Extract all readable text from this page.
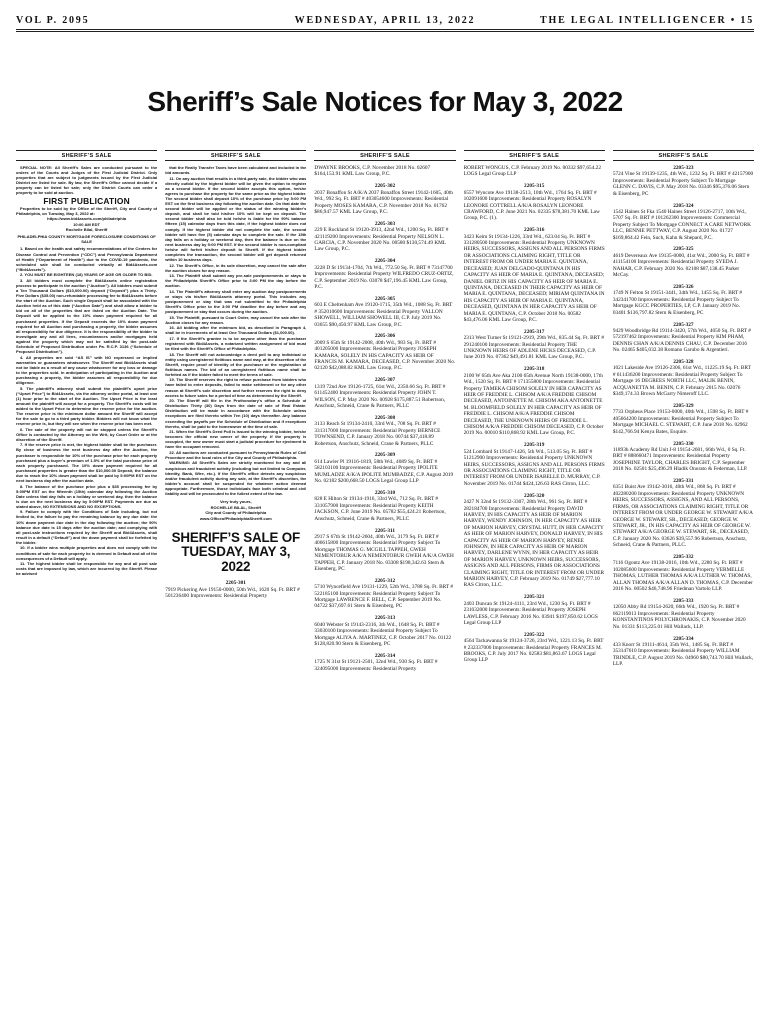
VOL P. 2095	WEDNESDAY, APRIL 13, 2022	THE LEGAL INTELLIGENCER • 15
Sheriff’s Sale Notices for May 3, 2022
SHERIFF’S SALE

SPECIAL NOTE: All Sheriff’s Sales are conducted pursuant to the orders of the Courts and Judges of the First Judicial District. Only properties that are subject to judgments issued by the First Judicial District are listed for sale. By law, the Sheriff’s Office cannot decide if a property can be listed for sale; only the District Courts can order a property to be sold at auction.

FIRST PUBLICATION

Properties to be sold by the Office of the Sheriff, City and County of Philadelphia, on Tuesday, May 3, 2022 at:

https://www.bid4assets.com/philadelphia

10:00 AM EDT

Rochelle Bilal, Sheriff

PHILADELPHIA COUNTY MORTGAGE FORECLOSURE CONDITIONS OF SALE

1. Based on the health and safety recommendations of the Centers for Disease Control and Prevention (“CDC”) and Pennsylvania Department of Health (“Department of Health”) due to the COVID-19 pandemic, the scheduled sale shall be conducted virtually at Bid4Assets.com (“Bid4Assets”).

2. YOU MUST BE EIGHTEEN (18) YEARS OF AGE OR OLDER TO BID.

3. All bidders must complete the Bid4Assets online registration process to participate in the auction (“Auction”). All bidders must submit a Ten Thousand Dollars ($10,000.00) deposit (“Deposit”) plus a Thirty-Five Dollars ($35.00) non-refundable processing fee to Bid4Assets before the start of the Auction. Such single Deposit shall be associated with the Auction held as of this date (“Auction Date”) and shall allow a bidder to bid on all of the properties that are listed on the Auction Date. The Deposit will be applied to the 10% down payment required for all purchased properties. If the Deposit exceeds the 10% down payment required for all Auction and purchasing a property, the bidder assumes all responsibility for due diligence. It is the responsibility of the bidder to investigate any and all liens, encumbrances and/or mortgages held against the property which may not be satisfied by the post-sale Schedule of Proposed Distribution under Pa. R.C.P. 3136 (“Schedule of Proposed Distribution”).

4. All properties are sold “AS IS” with NO expressed or implied warranties or guarantees whatsoever. The Sheriff and Bid4Assets shall not be liable as a result of any cause whatsoever for any loss or damage to the properties sold. In anticipation of participating in the Auction and purchasing a property, the bidder assumes all responsibility for due diligence.

5. The plaintiff’s attorney shall submit the plaintiff’s upset price (“Upset Price”) to Bid4Assets, via the attorney online portal, at least one (1) hour prior to the start of the Auction. The Upset Price is the least amount the plaintiff will accept for a property. The Sheriff’s costs will be added to the Upset Price to determine the reserve price for the auction. The reserve price is the minimum dollar amount the Sheriff will accept for the sale to go to a third party bidder. Bidders will not know what the reserve price is, but they will see when the reserve price has been met.

6. The sale of the property will not be stopped unless the Sheriff’s Office is contacted by the Attorney on the Writ, by Court Order or at the discretion of the Sheriff.

7. If the reserve price is met, the highest bidder shall be the purchaser. By close of business the next business day after the Auction, the purchaser is responsible for 10% of the purchase price for each property purchased plus a buyer’s premium of 1.5% of the total purchase price of each property purchased. The 10% down payment required for all purchased properties is greater than the $10,000.00 Deposit, the balance due to reach the 10% down payment shall be paid by 5:00PM EST on the next business day after the auction date.

8. The balance of the purchase price plus a $35 processing fee by 5:00PM EST on the fifteenth (15th) calendar day following the Auction Date unless that day falls on a holiday or weekend day, then the balance is due on the next business day by 5:00PM EST. Payments are due as stated above, NO EXTENSIONS AND NO EXCEPTIONS.

9. Failure to comply with the Conditions of Sale including, but not limited to, the failure to pay the remaining balance by any due date: the 10% down payment due date in the day following the auction; the 90% balance due date is 15 days after the auction date; and complying with all post-sale instructions required by the Sheriff and Bid4Assets, shall result in a default (“Default”) and the down payment shall be forfeited by the bidder.

10. If a bidder wins multiple properties and does not comply with the conditions of sale for each property he is deemed in Default and all of the consequences of a Default will apply.

11. The highest bidder shall be responsible for any and all post sale costs that are imposed by law, which are incurred by the Sheriff. Please be advised

SHERIFF’S SALE

that the Realty Transfer Taxes have been calculated and included in the bid amounts.

11. On any auction that results in a third-party sale, the bidder who was directly outbid by the highest bidder will be given the option to register as a second bidder. If the second bidder accepts this option, he/she agrees to purchase the property for the same price as the highest bidder. The second bidder shall deposit 10% of the purchase price by 5:00 PM EST on the first business day following the auction date. On that date the second bidder will be applied or the status of the winning bidder’s deposit, and shall be told his/her 10% will be kept on deposit. The second bidder shall also be told he/she is liable for the 90% balance fifteen (15) calendar days from this date, if the highest bidder does not comply. If the highest bidder did not complete the sale, the second bidder will have five (5) calendar days to complete the sale. If the 15th day falls on a holiday or weekend day, then the balance is due on the next business day by 5:00 PM EST. If the second bidder is non-compliant he/she will forfeit his/her deposit to Sheriff. If the highest bidder completes the transaction, the second bidder will get deposit returned within 10 business days.

12. The Sheriff’s Office, in its sole discretion, may cancel the sale after the auction closes for any reason.

13. The Plaintiff shall submit any pre-sale postponements or stays to the Philadelphia Sheriff’s Office prior to 3:00 PM the day before the auction.

14. The Plaintiff’s attorney shall enter any auction day postponements or stays via his/her Bid4Assets attorney portal. This includes any postponement or stay that was not submitted to the Philadelphia Sheriff’s Office prior to the 3:00 PM deadline the day before and any postponement or stay that occurs during the auction.

15. The Plaintiff, pursuant to Court Order, may cancel the sale after the Auction closes for any reason.

16. All bidding after the minimum bid, as described in Paragraph 4, shall be in increments of at least One Thousand Dollars ($1,000.00).

17. If the Sheriff’s grantee is to be anyone other than the purchaser registered with Bid4Assets, a notarized written assignment of bid must be filed with the Sheriff’s Office of Philadelphia.

18. The Sheriff will not acknowledge a deed poll to any individual or entity using unregistered fictitious name and may, at the discretion of the Sheriff, require proof of identity of the purchaser or the registration of fictitious names. The bid of an unregistered fictitious name shall be forfeited as if the bidder failed to meet the terms of sale.

19. The Sheriff reserves the right to refuse purchase from bidders who have failed to enter deposits, failed to make settlement or for any other reason at Sheriff’s sole discretion and further reserves the right to deny access to future sales for a period of time as determined by the Sheriff.

20. The Sheriff will file in the Prothonotary’s office a Schedule of Distribution Thirty (30) Days from the date of sale of Real Estate. Distribution will be made in accordance with the Schedule unless exceptions are filed thereto within Ten (10) days thereafter. Any balance exceeding the payoffs per the Schedule of Distribution and if exceptions thereto, shall be paid to the homeowner at the time of sale.

21. When the Sheriff’s Deed Poll is issued to the winning bidder, he/she becomes the official new owner of the property. If the property is occupied, the new owner must start a judicial procedure for ejectment to have the occupant removed.

22. All auctions are conducted pursuant to Pennsylvania Rules of Civil Procedure and the local rules of the City and County of Philadelphia.

WARNING: All Sheriff’s Sales are strictly monitored for any and all suspicious and fraudulent activity (including but not limited to Computer, Identity, Bank, Wire, etc.). If the Sheriff’s office detects any suspicious and/or fraudulent activity during any sale, at the Sheriff’s discretion, the bidder’s account shall be suspended for whatever action deemed appropriate. Furthermore, those individuals face both criminal and civil liability and will be prosecuted to the fullest extent of the law.

Very truly yours,

ROCHELLE BILAL, Sheriff

City and County of Philadelphia

www.OfficeofPhiladelphiaSheriff.com

SHERIFF’S SALE OF TUESDAY, MAY 3, 2022
2205-301
7919 Pickering Ave 19150-0000, 50th Wd., 1620 Sq. Ft. BRT # 501236400 Improvements: Residential Property
SHERIFF’S SALE
DWAYNE BROOKS, C.P. November 2018 No. 02607 $164,153.91 KML Law Group, P.C.
2205-302
2037 Bonaffon St A/K/A 2037 Bonaffon Street 19142-1605, 40th Wd., 992 Sq. Ft. BRT # 403054600 Improvements: Residential Property MOSES KAMARA, C.P. November 2018 No. 01762 $86,947.57 KML Law Group, P.C.
2205-303
229 E Rockland St 19120-3913, 42nd Wd., 1200 Sq. Ft. BRT # 421119200 Improvements: Residential Property NELSON L. GARCIA, C.P. November 2020 No. 00580 $130,574.49 KML Law Group, P.C.
2205-304
3228 D St 19134-1704, 7th Wd., 772.50 Sq. Ft. BRT # 73147700 Improvements: Residential Property WILFREDO CRUZ-ORTIZ, C.P. September 2019 No. 03078 $47,196.45 KML Law Group, P.C.
2205-305
603 E Cheltenham Ave 19120-1715, 35th Wd., 1088 Sq. Ft. BRT # 352010600 Improvements: Residential Property VALLON SHOWELL, WILLIAM SHOWELL III, C.P. July 2019 No. 03655 $90,450.97 KML Law Group, P.C.
2205-306
2009 S 65th St 19142-2008, 40th Wd., 983 Sq. Ft. BRT # 401205000 Improvements: Residential Property JOSEPH KAMARA, SOLELY IN HIS CAPACITY AS HEIR OF FRANCIS M. KAMARA, DECEASED, C.P. November 2020 No. 02120 $42,088.82 KML Law Group, P.C.
2205-307
1319 72nd Ave 19126-1725, 61st Wd., 2350.66 Sq. Ft. BRT # 611452400 Improvements: Residential Property JOHN T. WILSON, C.P. May 2020 No. 00928 $175,887.51 Robertson, Anschutz, Schneid, Crane & Partners, PLLC
2205-308
3133 Reach St 19134-2410, 33rd Wd., 708 Sq. Ft. BRT # 331317000 Improvements: Residential Property BERNICE TOWNSEND, C.P. January 2018 No. 00744 $37,418.89 Robertson, Anschutz, Schneid, Crane & Partners, PLLC
2205-309
614 Lawler Pl 19116-1819, 58th Wd., 4089 Sq. Ft. BRT # 582103100 Improvements: Residential Property IPOLITE MUMLADZE A/K/A IPOLITE MUMBADZE, C.P. August 2019 No. 02182 $200,668.50 LOGS Legal Group LLP
2205-310
828 E Hilton St 19134-1916, 33rd Wd., 712 Sq. Ft. BRT # 331057900 Improvements: Residential Property KEITH JACKSON, C.P. June 2019 No. 05782 $55,424.21 Robertson, Anschutz, Schneid, Crane & Partners, PLLC
2205-311
2917 S 67th St 19142-2604, 40th Wd., 3179 Sq. Ft. BRT # 406615800 Improvements: Residential Property Subject To Mortgage THOMAS G. MCGILL TAPPEH, GWEH NEMENTOBUR A/K/A NEMENTOBUR GWEH A/K/A GWEH TAPPEH, C.P. January 2018 No. 03308 $198,342.63 Stern & Eisenberg, PC
2205-312
5710 Wyncefield Ave 19131-1229, 52th Wd., 3788 Sq. Ft. BRT # 522185100 Improvements: Residential Property Subject To Mortgage LAWRENCE F. BELL, C.P. September 2019 No. 04722 $37,697.61 Stern & Eisenberg, PC
2205-313
6040 Webster St 19143-2316, 3th Wd., 1648 Sq. Ft. BRT # 33030100 Improvements: Residential Property Subject To Mortgage ALIYA A. MARTINEZ, C.P. October 2017 No. 01122 $128,820.90 Stern & Eisenberg, PC
2205-314
1725 N 31st St 19121-2501, 32nd Wd., 930 Sq. Ft. BRT # 324095000 Improvements: Residential Property
SHERIFF’S SALE
ROBERT WONGUS, C.P. February 2019 No. 00332 $97,654.22 LOGS Legal Group LLP
2205-315
6557 Wyncote Ave 19138-2513, 10th Wd., 1764 Sq. Ft. BRT # 102091600 Improvements: Residential Property ROSALYN LEONORE COTTRELL A/K/A ROSALYN LEONORE CRAWFORD, C.P. June 2021 No. 02335 $78,381.70 KML Law Group, P.C. (1).
2205-316
3423 Keim St 19134-1226, 33rd Wd., 623.04 Sq. Ft. BRT # 331280500 Improvements: Residential Property UNKNOWN HEIRS, SUCCESSORS, ASSIGNS AND ALL PERSONS FIRMS OR ASSOCIATIONS CLAIMING RIGHT, TITLE OR INTEREST FROM OR UNDER MARIA E. QUINTANA, DECEASED; JUAN DELGADO-QUINTANA IN HIS CAPACITY AS HEIR OF MARIA E. QUINTANA, DECEASED; DANIEL ORTIZ IN HIS CAPACITY AS HEIR OF MARIA E. QUINTANA, DECEASED IN THEIR CAPACITY AS HEIR OF MARIA E. QUINTANA, DECEASED; MIRIAM QUINTANA IN HIS CAPACITY AS HEIR OF MARIA E. QUINTANA, DECEASED, QUINTANA IN HER CAPACITY AS HEIR OF MARIA E. QUINTANA, C.P. October 2018 No. 00582 $43,476.06 KML Law Group, P.C.
2205-317
2313 West Turner St 19121-2919, 29th Wd., 835.44 Sq. Ft. BRT # 291240100 Improvements: Residential Property THE UNKNOWN HEIRS OF ADLENE HICKS DECEASED, C.P. June 2019 No. 07362 $49,491.81 KML Law Group, P.C.
2205-318
2100 W 65th Ave Aka 2100 65th Avenue North 19138-0000, 17th Wd., 1520 Sq. Ft. BRT # 171355800 Improvements: Residential Property TAMEKA CHISOM SOLELY IN HER CAPACITY AS HEIR OF FREDDIE L. CHISOM A/K/A FREDDIE CHISOM DECEASED, ANTOINETTE M. CHISOM AKA ANTOINETTE M. BLOOMFIELD SOLELY IN HER CAPACITY AS HEIR OF FREDDIE L. CHISOM A/K/A FREDDIE CHISOM DECEASED, THE UNKNOWN HEIRS OF FREDDIE L. CHISOM A/K/A FREDDIE CHISOM DECEASED, C.P. October 2019 No. 00010 $110,868.92 KML Law Group, P.C.
2205-319
524 Lombard St 19147-1426, 5th Wd., 513.05 Sq. Ft. BRT # 51212900 Improvements: Residential Property UNKNOWN HEIRS, SUCCESSORS, ASSIGNS AND ALL PERSONS FIRMS OR ASSOCIATIONS CLAIMING RIGHT, TITLE OR INTEREST FROM OR UNDER ISABELLE D. MURRAY, C.P. November 2019 No. 01744 $424,126.63 RAS Citron, LLC.
2205-320
2427 N 32nd St 19132-3307, 28th Wd., 961 Sq. Ft. BRT # 282184700 Improvements: Residential Property DAVID HARVEY, IN HIS CAPACITY AS HEIR OF MARION HARVEY, WENDY JOHNSON, IN HER CAPACITY AS HEIR OF MARION HARVEY, CRYSTAL HUTT, IN HER CAPACITY AS HEIR OF MARION HARVEY, DONALD HARVEY, IN HIS CAPACITY AS HEIR OF MARION HARVEY, RENEE JOHNSON, IN HER CAPACITY AS HEIR OF MARION HARVEY, DARLENE WYNN, IN HER CAPACITY AS HEIR OF MARION HARVEY, UNKNOWN HEIRS, SUCCESSORS, ASSIGNS AND ALL PERSONS, FIRMS OR ASSOCIATIONS CLAIMING RIGHT, TITLE OR INTEREST FROM OR UNDER MARION HARVEY, C.P. February 2019 No. 01749 $27,777.10 RAS Citron, LLC.
2205-321
2403 Duncan St 19124-4111, 23rd Wd., 1230 Sq. Ft. BRT # 231032000 Improvements: Residential Property JOSEPH LAWLESS, C.P. February 2016 No. 03941 $197,850.62 LOGS Legal Group LLP
2205-322
4564 Tackawanna St 19124-3726, 23rd Wd., 1221.13 Sq. Ft. BRT # 232337000 Improvements: Residential Property FRANCES M. BROOKS, C.P. July 2017 No. 02583 $81,863.67 LOGS Legal Group LLP
SHERIFF’S SALE
2205-323
5724 Vine St 19139-1235, 4th Wd., 1232 Sq. Ft. BRT # 42157900 Improvements: Residential Property Subject To Mortgage GLENN C. DAVIS, C.P. May 2018 No. 03346 $95,376.06 Stern & Eisenberg, PC
2205-324
1542 Haines St Fka 1540 Haines Street 19126-2717, 10th Wd., 5707 Sq. Ft. BRT # 101262300 Improvements: Commercial Property Subject To Mortgage CONNECT A CARE NETWORK LLC, BENNIE PETTWAY, C.P. August 2020 No. 01727 $169,864.42 Fein, Such, Kahn & Shepard, P.C.
2205-325
4619 Devereaux Ave 19135-0000, 41st Wd., 2000 Sq. Ft. BRT # 411154100 Improvements: Residential Property SYEDA J. NAHAR, C.P. February 2020 No. 02108 $87,138.45 Parker McCay.
2205-326
1749 N Felton St 19151-3441, 34th Wd., 1455 Sq. Ft. BRT # 342341700 Improvements: Residential Property Subject To Mortgage KGCC PROPERTIES, LP, C.P. January 2019 No. 03401 $136,797.82 Stern & Eisenberg, PC
2205-327
9429 Woodbridge Rd 19114-3420, 57th Wd., 4050 Sq. Ft. BRT # 572197462 Improvements: Residential Property KIM PHAM, DENNIS CHAN A/K/A DENNIS CHAU, C.P. December 2016 No. 02465 $405,032.38 Romano Garubo & Argentieri.
2205-328
1021 Lakeside Ave 19126-2306, 61st Wd., 11225.19 Sq. Ft. BRT # 611436200 Improvements: Residential Property Subject To Mortgage 16 DEGREES NORTH LLC, MALIK BENIN, ACQUANETTA M. BENIN, C.P. February 2015 No. 02076 $349,174.33 Brown McGarry Nimeroff LLC.
2205-329
7733 Orpheus Place 19153-0000, 40th Wd., 1598 Sq. Ft. BRT # 405664200 Improvements: Residential Property Subject To Mortgage MICHAEL C. STEWART, C.P. June 2018 No. 02962 $142,766.94 Kenya Bates, Esquire.
2205-330
11893h Academy Rd Unit J-8 19154-2601, 66th Wd., 0 Sq. Ft. BRT # 888660471 Improvements: Residential Property JOSEPHINE TAYLOR, CHARLES BRIGHT, C.P. September 2018 No. 02501 $25,496.29 Hladik Onorato & Federman, LLP.
2205-331
6351 Buist Ave 19142-3016, 40th Wd., 868 Sq. Ft. BRT # 402280200 Improvements: Residential Property UNKNOWN HEIRS, SUCCESSORS, ASSIGNS, AND ALL PERSONS, FIRMS, OR ASSOCIATIONS CLAIMING RIGHT, TITLE OR INTEREST FROM OR UNDER GEORGE W. STEWART A/K/A GEORGE W. STEWART, SR., DECEASED; GEORGE W. STEWART, JR., IN HIS CAPACITY AS HEIR OF GEORGE W. STEWART A/K/A GEORGE W. STEWART, SR., DECEASED, C.P. January 2020 No. 03626 $39,557.96 Robertson, Anschutz, Schneid, Crane & Partners, PLLC.
2205-332
7116 Ogontz Ave 19138-2016, 10th Wd., 2280 Sq. Ft. BRT # 102085600 Improvements: Residential Property VERMELLE THOMAS, LUTHER THOMAS A/K/A LUTHER W. THOMAS, ALLAN THOMAS A/K/A ALLAN D. THOMAS, C.P. December 2016 No. 00502 $46,748.96 Friedman Vartolo LLP.
2205-333
12050 Abby Rd 19154-2620, 66th Wd., 1920 Sq. Ft. BRT # 662119013 Improvements: Residential Property KONSTANTINOS POLYCHRONAKIS, C.P. November 2020 No. 01331 $113,225.01 Hill Wallack, LLP.
2205-334
433 Knorr St 19111-4614, 35th Wd., 1485 Sq. Ft. BRT # 353147610 Improvements: Residential Property WILLIAM TRINDLE, C.P. August 2019 No. 04960 $80,743.70 Hill Wallack, LLP.
